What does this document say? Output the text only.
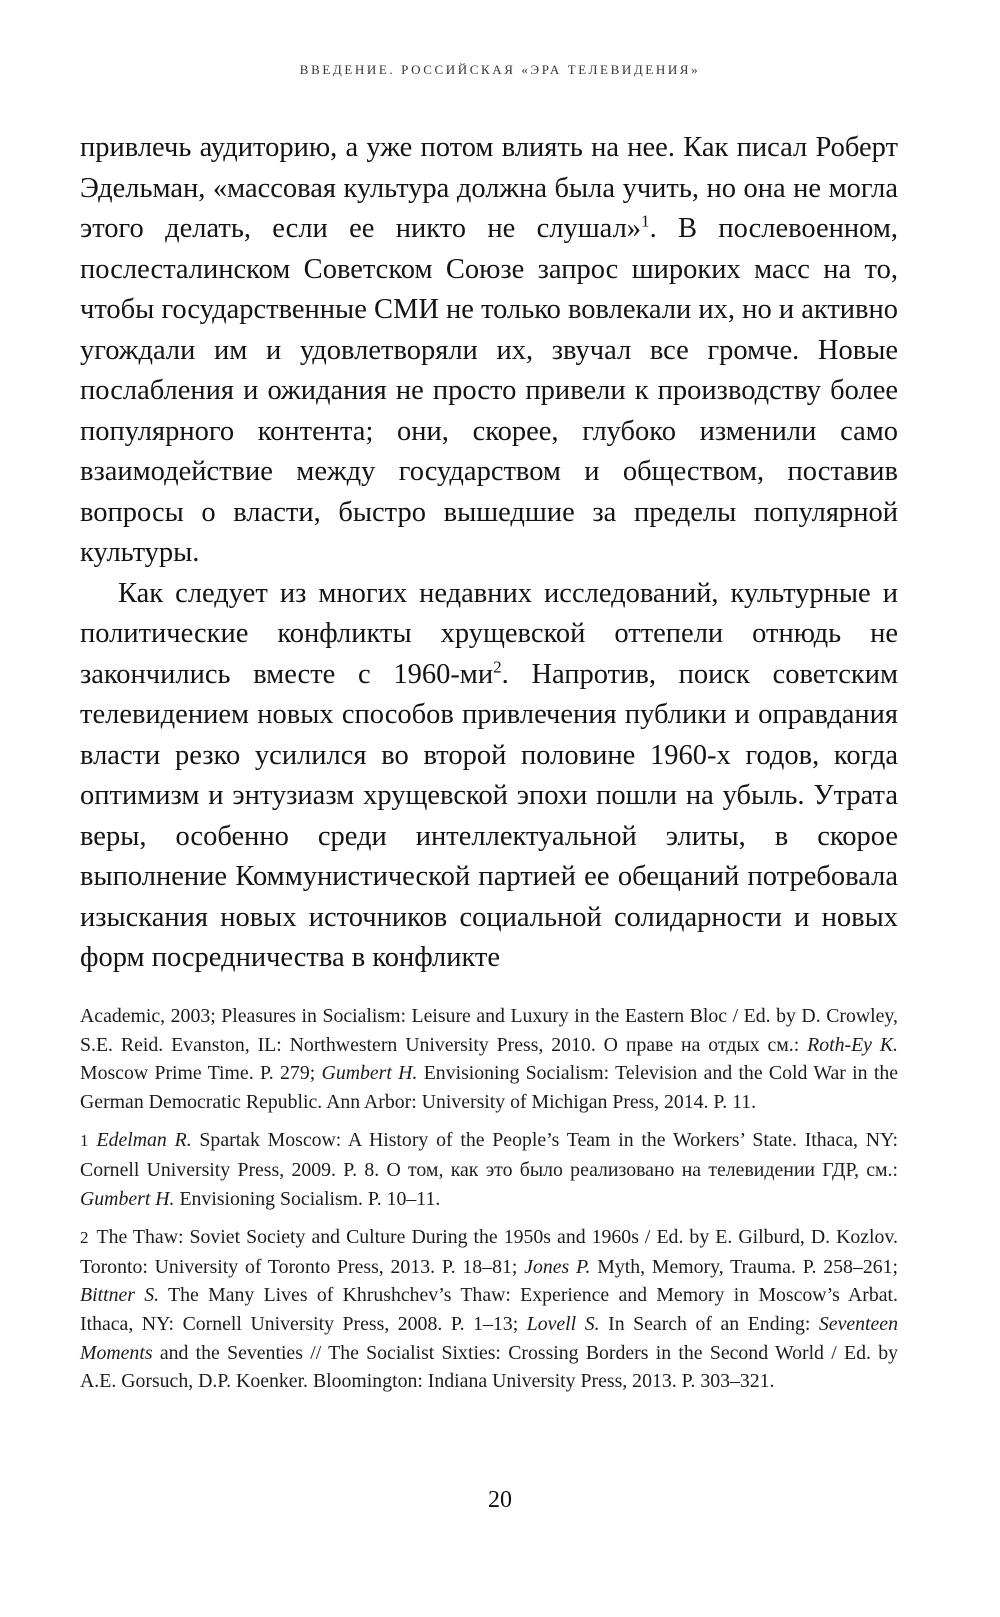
ВВЕДЕНИЕ. РОССИЙСКАЯ «ЭРА ТЕЛЕВИДЕНИЯ»

привлечь аудиторию, а уже потом влиять на нее. Как писал Роберт Эдельман, «массовая культура должна была учить, но она не могла этого делать, если ее никто не слушал»$^1$. В послевоенном, послесталинском Советском Союзе запрос широких масс на то, чтобы государственные СМИ не только вовлекали их, но и активно угождали им и удовлетворяли их, звучал все громче. Новые послабления и ожидания не просто привели к производству более популярного контента; они, скорее, глубоко изменили само взаимодействие между государством и обществом, поставив вопросы о власти, быстро вышедшие за пределы популярной культуры.

Как следует из многих недавних исследований, культурные и политические конфликты хрущевской оттепели отнюдь не закончились вместе с $1960-ми^2$. Напротив, поиск советским телевидением новых способов привлечения публики и оправдания власти резко усилился во второй половине 1960-х годов, когда оптимизм и энтузиазм хрущевской эпохи пошли на убыль. Утрата веры, особенно среди интеллектуальной элиты, в скорое выполнение Коммунистической партией ее обещаний потребовала изыскания новых источников социальной солидарности и новых форм посредничества в конфликте

Academic, 2003; Pleasures in Socialism: Leisure and Luxury in the Eastern Bloc / Ed. by D. Crowley, S.E. Reid. Evanston, IL: Northwestern University Press, 2010. О праве на отдых см.: Roth-Ey K. Moscow Prime Time. P. 279; Gumbert H. Envisioning Socialism: Television and the Cold War in the German Democratic Republic. Ann Arbor: University of Michigan Press, 2014. P. 11.

1 Edelman R. Spartak Moscow: A History of the People’s Team in the Workers’ State. Ithaca, NY: Cornell University Press, 2009. P. 8. О том, как это было реализовано на телевидении ГДР, см.: Gumbert H. Envisioning Socialism. P. 10–11.

2 The Thaw: Soviet Society and Culture During the 1950s and 1960s / Ed. by E. Gilburd, D. Kozlov. Toronto: University of Toronto Press, 2013. P. 18–81; Jones P. Myth, Memory, Trauma. P. 258–261; Bittner S. The Many Lives of Khrushchev’s Thaw: Experience and Memory in Moscow’s Arbat. Ithaca, NY: Cornell University Press, 2008. P. 1–13; Lovell S. In Search of an Ending: Seventeen Moments and the Seventies // The Socialist Sixties: Crossing Borders in the Second World / Ed. by A.E. Gorsuch, D.P. Koenker. Bloomington: Indiana University Press, 2013. P. 303–321.

20
